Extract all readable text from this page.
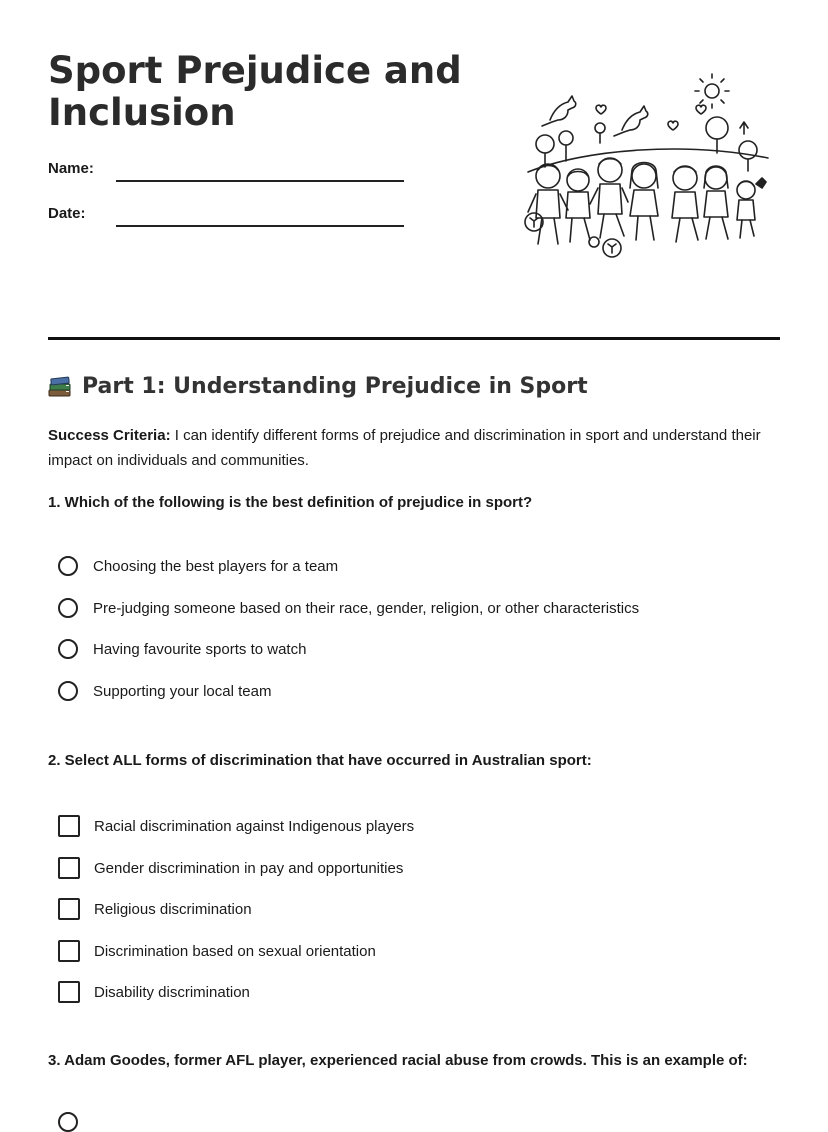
Sport Prejudice and
Inclusion
Name:
Date:
Part 1: Understanding Prejudice in Sport
Success Criteria: I can identify different forms of prejudice and discrimination in sport and understand their impact on individuals and communities.
1. Which of the following is the best definition of prejudice in sport?
Choosing the best players for a team
Pre-judging someone based on their race, gender, religion, or other characteristics
Having favourite sports to watch
Supporting your local team
2. Select ALL forms of discrimination that have occurred in Australian sport:
Racial discrimination against Indigenous players
Gender discrimination in pay and opportunities
Religious discrimination
Discrimination based on sexual orientation
Disability discrimination
3. Adam Goodes, former AFL player, experienced racial abuse from crowds. This is an example of:
